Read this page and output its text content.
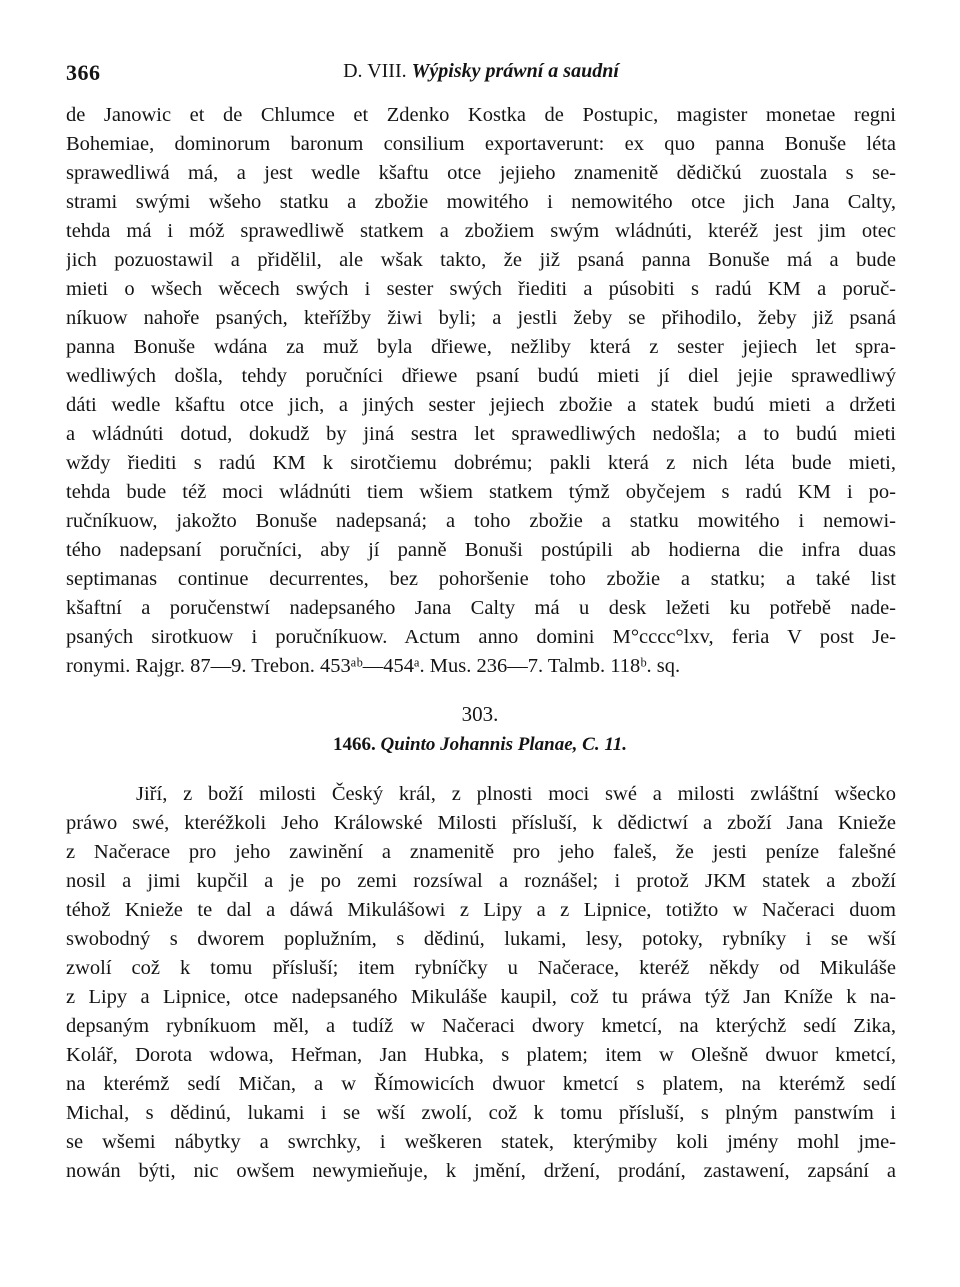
366	D. VIII. Wýpisky práwní a saudní
de Janowic et de Chlumce et Zdenko Kostka de Postupic, magister monetae regni
Bohemiae, dominorum baronum consilium exportaverunt: ex quo panna Bonuše léta
sprawedliwá má, a jest wedle kšaftu otce jejieho znamenitě dědičkú zuostala s se-
strami swými wšeho statku a zbožie mowitého i nemowitého otce jich Jana Calty,
tehda má i móž sprawedliwě statkem a zbožiem swým wládnúti, kteréž jest jim otec
jich pozuostawil a přidělil, ale wšak takto, že již psaná panna Bonuše má a bude
mieti o wšech wěcech swých i sester swých řiediti a púsobiti s radú KM a poruč-
níkuow nahoře psaných, kteřížby žiwi byli; a jestli žeby se přihodilo, žeby již psaná
panna Bonuše wdána za muž byla dřiewe, nežliby která z sester jejiech let spra-
wedliwých došla, tehdy poručníci dřiewe psaní budú mieti jí diel jejie sprawedliwý
dáti wedle kšaftu otce jich, a jiných sester jejiech zbožie a statek budú mieti a držeti
a wládnúti dotud, dokudž by jiná sestra let sprawedliwých nedošla; a to budú mieti
wždy řiediti s radú KM k sirotčiemu dobrému; pakli která z nich léta bude mieti,
tehda bude též moci wládnúti tiem wšiem statkem týmž obyčejem s radú KM i po-
ručníkuow, jakožto Bonuše nadepsaná; a toho zbožie a statku mowitého i nemowi-
tého nadepsaní poručníci, aby jí panně Bonuši postúpili ab hodierna die infra duas
septimanas continue decurrentes, bez pohoršenie toho zbožie a statku; a také list
kšaftní a poručenstwí nadepsaného Jana Calty má u desk ležeti ku potřebě nade-
psaných sirotkuow i poručníkuow. Actum anno domini M°cccc°lxv, feria V post Je-
ronymi. Rajgr. 87—9. Trebon. 453ᵃᵇ—454ᵃ. Mus. 236—7. Talmb. 118ᵇ. sq.
303.
1466. Quinto Johannis Planae, C. 11.
Jiří, z boží milosti Český král, z plnosti moci swé a milosti zwláštní wšecko
práwo swé, kteréžkoli Jeho Králowské Milosti přísluší, k dědictwí a zboží Jana Knieže
z Načerace pro jeho zawinění a znamenitě pro jeho faleš, že jesti peníze falešné
nosil a jimi kupčil a je po zemi rozsíwal a roznášel; i protož JKM statek a zboží
téhož Knieže te dal a dáwá Mikulášowi z Lipy a z Lipnice, totižto w Načeraci duom
swobodný s dworem poplužním, s dědinú, lukami, lesy, potoky, rybníky i se wší
zwolí což k tomu přísluší; item rybníčky u Načerace, kteréž někdy od Mikuláše
z Lipy a Lipnice, otce nadepsaného Mikuláše kaupil, což tu práwa týž Jan Kníže k na-
depsaným rybníkuom měl, a tudíž w Načeraci dwory kmetcí, na kterýchž sedí Zika,
Kolář, Dorota wdowa, Heřman, Jan Hubka, s platem; item w Olešně dwuor kmetcí,
na kterémž sedí Mičan, a w Římowicích dwuor kmetcí s platem, na kterémž sedí
Michal, s dědinú, lukami i se wší zwolí, což k tomu přísluší, s plným panstwím i
se wšemi nábytky a swrchky, i weškeren statek, kterýmiby koli jmény mohl jme-
nowán býti, nic owšem newymieňuje, k jmění, držení, prodání, zastawení, zapsání a
